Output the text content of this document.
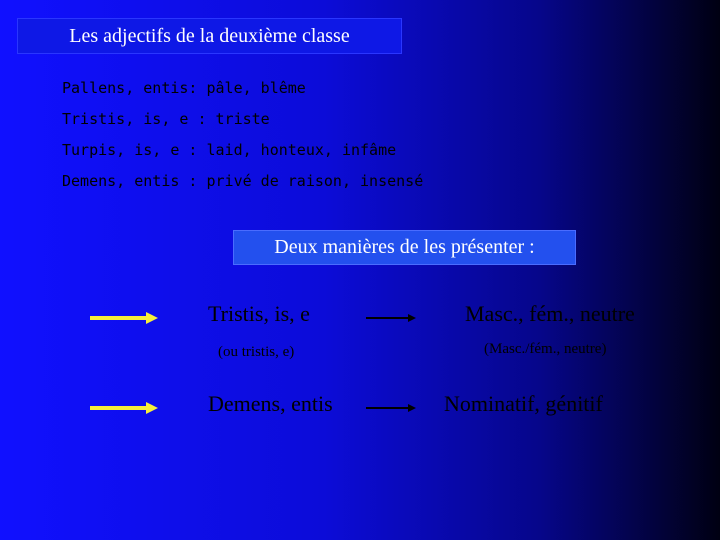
Les adjectifs de la deuxième classe
Pallens, entis: pâle, blême
Tristis, is, e : triste
Turpis, is, e : laid, honteux, infâme
Demens, entis : privé de raison, insensé
Deux manières de les présenter :
Tristis, is, e	Masc., fém., neutre
(ou tristis, e)	(Masc./fém., neutre)
Demens, entis	Nominatif, génitif
